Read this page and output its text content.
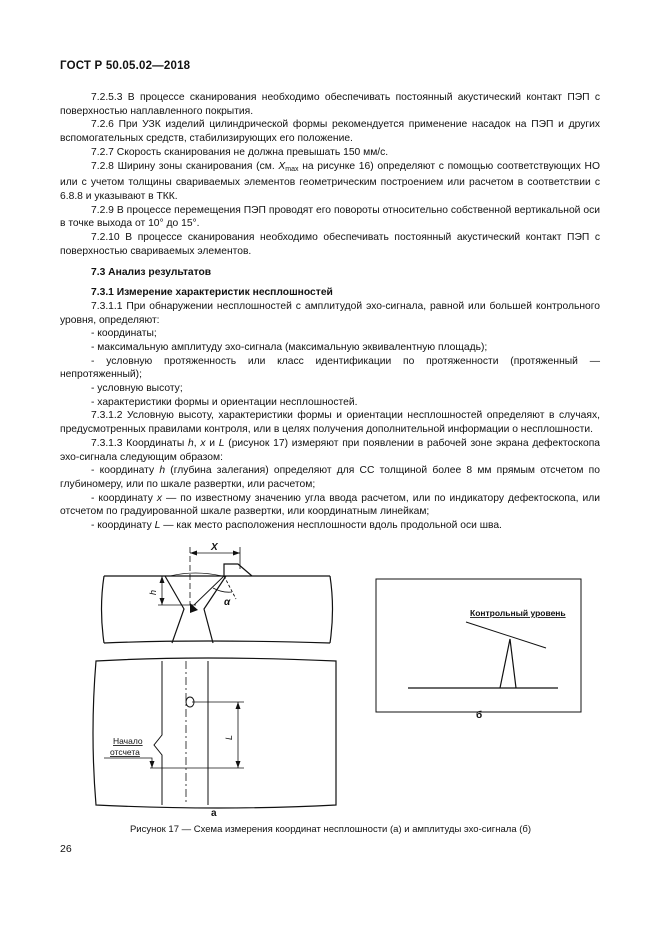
ГОСТ Р 50.05.02—2018

7.2.5.3 В процессе сканирования необходимо обеспечивать постоянный акустический контакт ПЭП с поверхностью наплавленного покрытия.

7.2.6 При УЗК изделий цилиндрической формы рекомендуется применение насадок на ПЭП и других вспомогательных средств, стабилизирующих его положение.

7.2.7 Скорость сканирования не должна превышать 150 мм/с.

7.2.8 Ширину зоны сканирования (см. Xmax на рисунке 16) определяют с помощью соответствующих НО или с учетом толщины свариваемых элементов геометрическим построением или расчетом в соответствии с 6.8.8 и указывают в ТКК.

7.2.9 В процессе перемещения ПЭП проводят его повороты относительно собственной вертикальной оси в точке выхода от 10° до 15°.

7.2.10 В процессе сканирования необходимо обеспечивать постоянный акустический контакт ПЭП с поверхностью свариваемых элементов.

7.3 Анализ результатов

7.3.1 Измерение характеристик несплошностей

7.3.1.1 При обнаружении несплошностей с амплитудой эхо-сигнала, равной или большей контрольного уровня, определяют:

- координаты;

- максимальную амплитуду эхо-сигнала (максимальную эквивалентную площадь);

- условную протяженность или класс идентификации по протяженности (протяженный — непротяженный);

- условную высоту;

- характеристики формы и ориентации несплошностей.

7.3.1.2 Условную высоту, характеристики формы и ориентации несплошностей определяют в случаях, предусмотренных правилами контроля, или в целях получения дополнительной информации о несплошности.

7.3.1.3 Координаты h, x и L (рисунок 17) измеряют при появлении в рабочей зоне экрана дефектоскопа эхо-сигнала следующим образом:

- координату h (глубина залегания) определяют для СС толщиной более 8 мм прямым отсчетом по глубиномеру, или по шкале развертки, или расчетом;

- координату x — по известному значению угла ввода расчетом, или по индикатору дефектоскопа, или отсчетом по градуированной шкале развертки, или координатным линейкам;

- координату L — как место расположения несплошности вдоль продольной оси шва.

X
h
α
L
Начало
отсчета
а
Контрольный уровень
б
Рисунок 17 — Схема измерения координат несплошности (а) и амплитуды эхо-сигнала (б)
26
